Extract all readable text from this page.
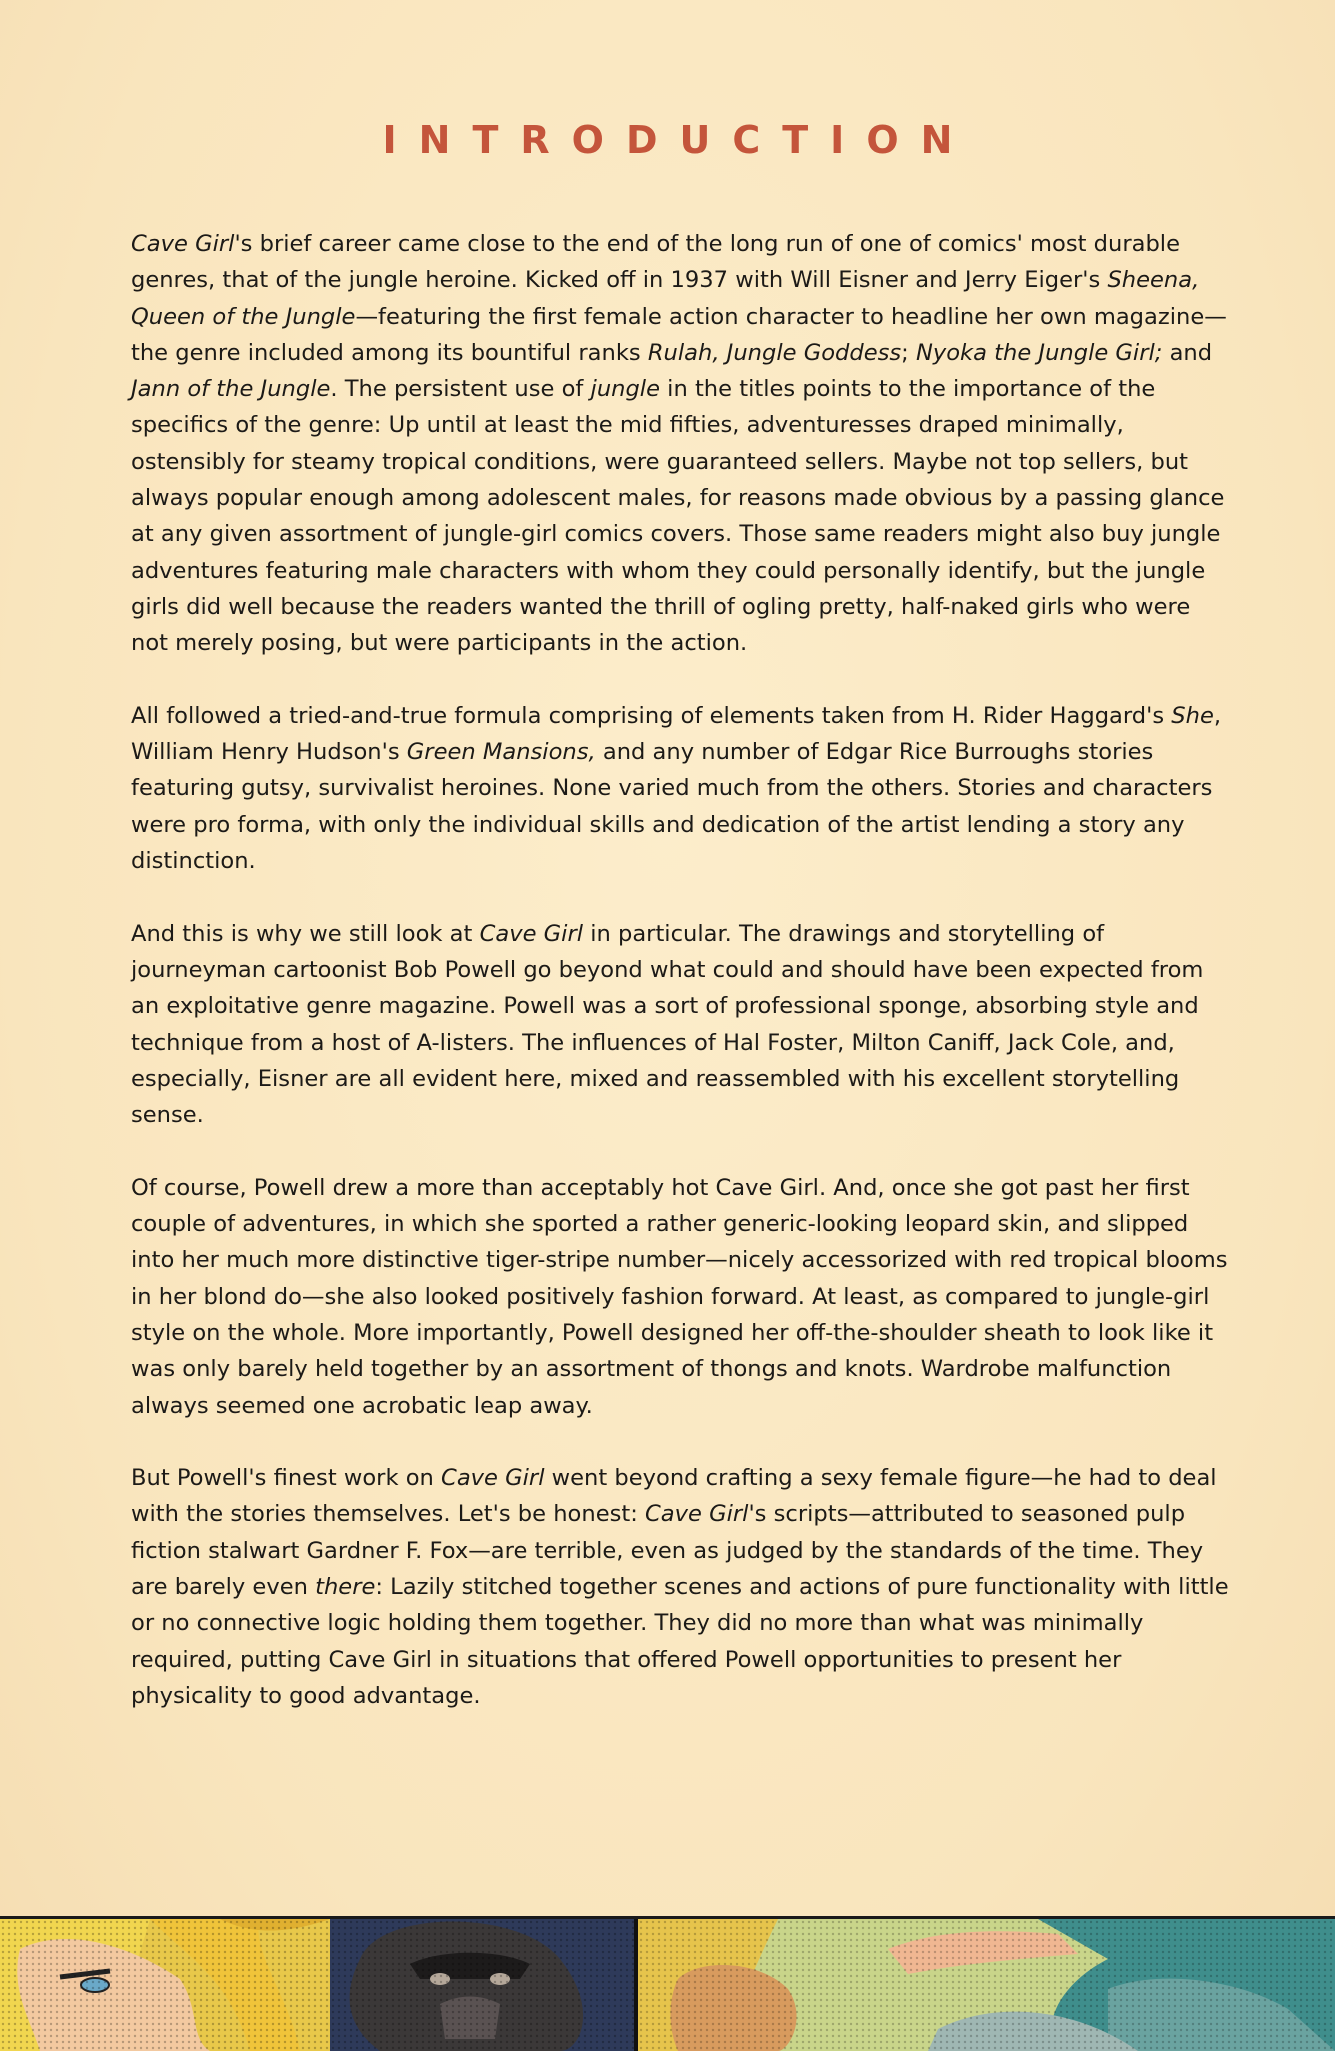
INTRODUCTION

Cave Girl's brief career came close to the end of the long run of one of comics' most durable genres, that of the jungle heroine. Kicked off in 1937 with Will Eisner and Jerry Eiger's Sheena, Queen of the Jungle—featuring the first female action character to headline her own magazine—the genre included among its bountiful ranks Rulah, Jungle Goddess; Nyoka the Jungle Girl; and Jann of the Jungle. The persistent use of jungle in the titles points to the importance of the specifics of the genre: Up until at least the mid fifties, adventuresses draped minimally, ostensibly for steamy tropical conditions, were guaranteed sellers. Maybe not top sellers, but always popular enough among adolescent males, for reasons made obvious by a passing glance at any given assortment of jungle-girl comics covers. Those same readers might also buy jungle adventures featuring male characters with whom they could personally identify, but the jungle girls did well because the readers wanted the thrill of ogling pretty, half-naked girls who were not merely posing, but were participants in the action.

All followed a tried-and-true formula comprising of elements taken from H. Rider Haggard's She, William Henry Hudson's Green Mansions, and any number of Edgar Rice Burroughs stories featuring gutsy, survivalist heroines. None varied much from the others. Stories and characters were pro forma, with only the individual skills and dedication of the artist lending a story any distinction.

And this is why we still look at Cave Girl in particular. The drawings and storytelling of journeyman cartoonist Bob Powell go beyond what could and should have been expected from an exploitative genre magazine. Powell was a sort of professional sponge, absorbing style and technique from a host of A-listers. The influences of Hal Foster, Milton Caniff, Jack Cole, and, especially, Eisner are all evident here, mixed and reassembled with his excellent storytelling sense.

Of course, Powell drew a more than acceptably hot Cave Girl. And, once she got past her first couple of adventures, in which she sported a rather generic-looking leopard skin, and slipped into her much more distinctive tiger-stripe number—nicely accessorized with red tropical blooms in her blond do—she also looked positively fashion forward. At least, as compared to jungle-girl style on the whole. More importantly, Powell designed her off-the-shoulder sheath to look like it was only barely held together by an assortment of thongs and knots. Wardrobe malfunction always seemed one acrobatic leap away.

But Powell's finest work on Cave Girl went beyond crafting a sexy female figure—he had to deal with the stories themselves. Let's be honest: Cave Girl's scripts—attributed to seasoned pulp fiction stalwart Gardner F. Fox—are terrible, even as judged by the standards of the time. They are barely even there: Lazily stitched together scenes and actions of pure functionality with little or no connective logic holding them together. They did no more than what was minimally required, putting Cave Girl in situations that offered Powell opportunities to present her physicality to good advantage.
